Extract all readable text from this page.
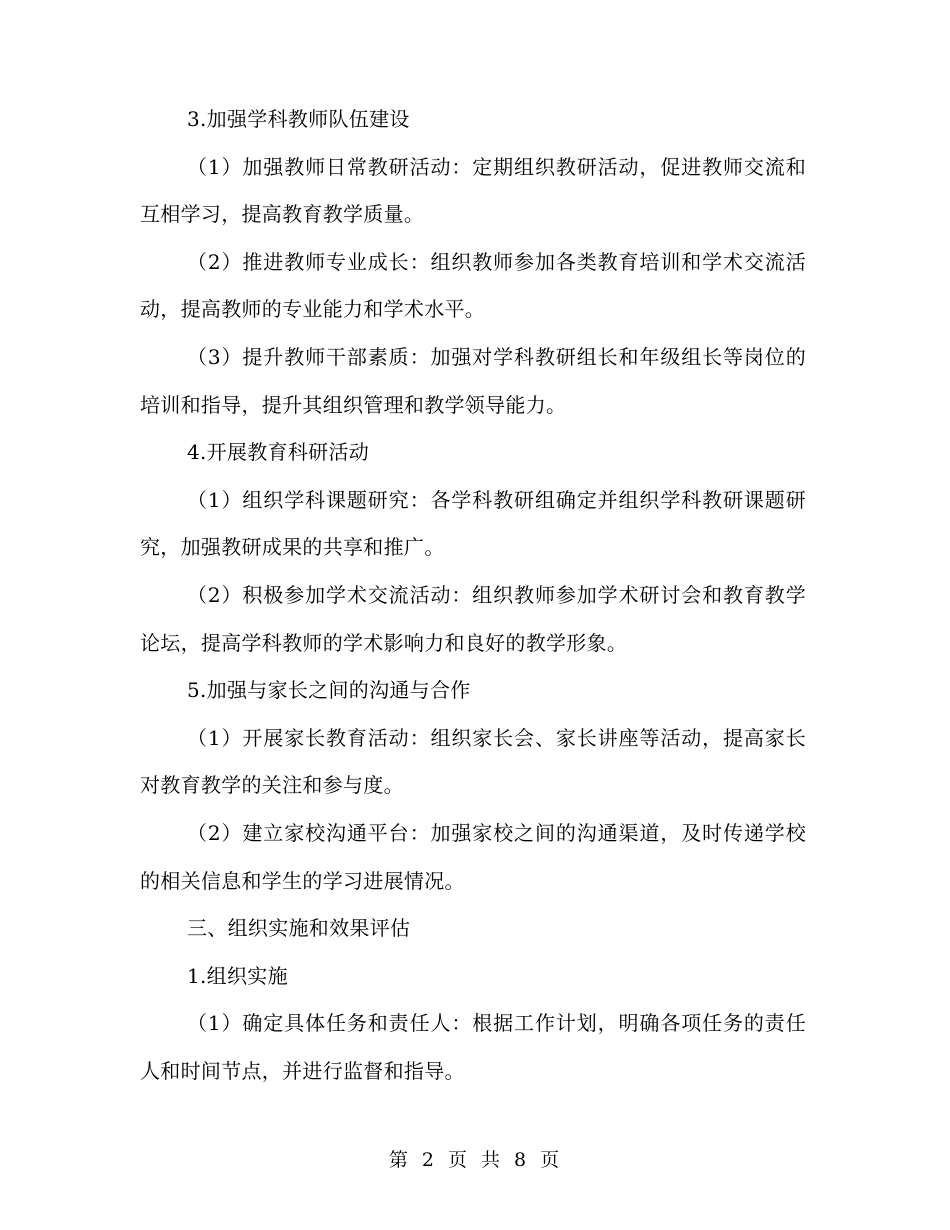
3.加强学科教师队伍建设

（1）加强教师日常教研活动：定期组织教研活动，促进教师交流和互相学习，提高教育教学质量。

（2）推进教师专业成长：组织教师参加各类教育培训和学术交流活动，提高教师的专业能力和学术水平。

（3）提升教师干部素质：加强对学科教研组长和年级组长等岗位的培训和指导，提升其组织管理和教学领导能力。

4.开展教育科研活动

（1）组织学科课题研究：各学科教研组确定并组织学科教研课题研究，加强教研成果的共享和推广。

（2）积极参加学术交流活动：组织教师参加学术研讨会和教育教学论坛，提高学科教师的学术影响力和良好的教学形象。

5.加强与家长之间的沟通与合作

（1）开展家长教育活动：组织家长会、家长讲座等活动，提高家长对教育教学的关注和参与度。

（2）建立家校沟通平台：加强家校之间的沟通渠道，及时传递学校的相关信息和学生的学习进展情况。

三、组织实施和效果评估

1.组织实施

（1）确定具体任务和责任人：根据工作计划，明确各项任务的责任人和时间节点，并进行监督和指导。

第 2 页 共 8 页
